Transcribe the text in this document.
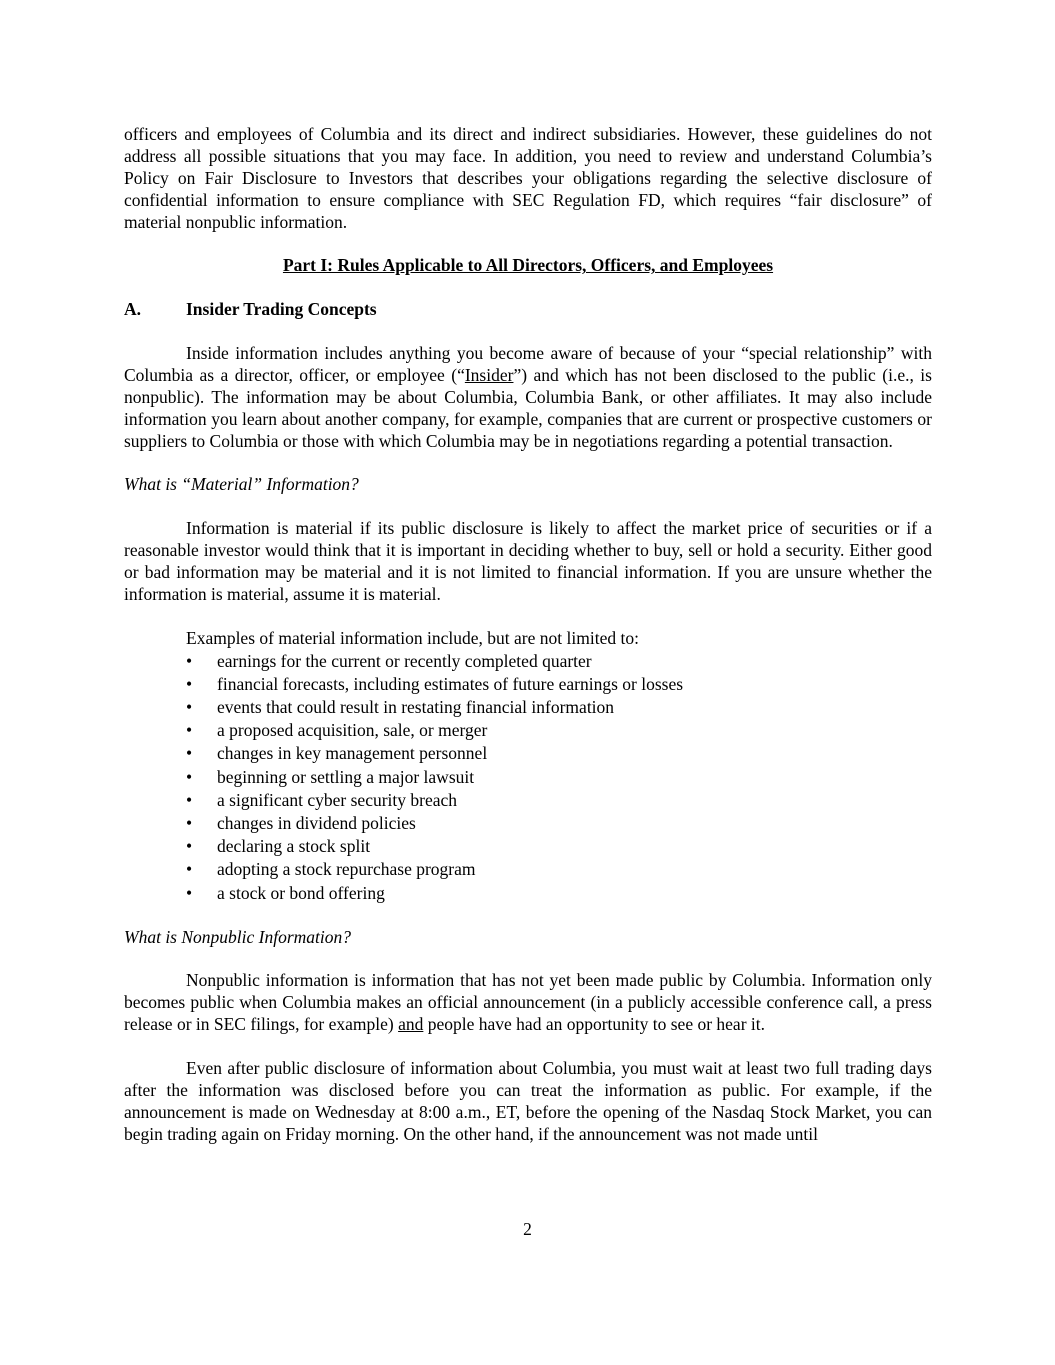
officers and employees of Columbia and its direct and indirect subsidiaries. However, these guidelines do not address all possible situations that you may face. In addition, you need to review and understand Columbia’s Policy on Fair Disclosure to Investors that describes your obligations regarding the selective disclosure of confidential information to ensure compliance with SEC Regulation FD, which requires “fair disclosure” of material nonpublic information.

Part I: Rules Applicable to All Directors, Officers, and Employees

A.	Insider Trading Concepts

Inside information includes anything you become aware of because of your “special relationship” with Columbia as a director, officer, or employee (“Insider”) and which has not been disclosed to the public (i.e., is nonpublic). The information may be about Columbia, Columbia Bank, or other affiliates. It may also include information you learn about another company, for example, companies that are current or prospective customers or suppliers to Columbia or those with which Columbia may be in negotiations regarding a potential transaction.

What is “Material” Information?

Information is material if its public disclosure is likely to affect the market price of securities or if a reasonable investor would think that it is important in deciding whether to buy, sell or hold a security. Either good or bad information may be material and it is not limited to financial information. If you are unsure whether the information is material, assume it is material.

Examples of material information include, but are not limited to:

• earnings for the current or recently completed quarter
• financial forecasts, including estimates of future earnings or losses
• events that could result in restating financial information
• a proposed acquisition, sale, or merger
• changes in key management personnel
• beginning or settling a major lawsuit
• a significant cyber security breach
• changes in dividend policies
• declaring a stock split
• adopting a stock repurchase program
• a stock or bond offering

What is Nonpublic Information?

Nonpublic information is information that has not yet been made public by Columbia. Information only becomes public when Columbia makes an official announcement (in a publicly accessible conference call, a press release or in SEC filings, for example) and people have had an opportunity to see or hear it.

Even after public disclosure of information about Columbia, you must wait at least two full trading days after the information was disclosed before you can treat the information as public. For example, if the announcement is made on Wednesday at 8:00 a.m., ET, before the opening of the Nasdaq Stock Market, you can begin trading again on Friday morning. On the other hand, if the announcement was not made until

2
